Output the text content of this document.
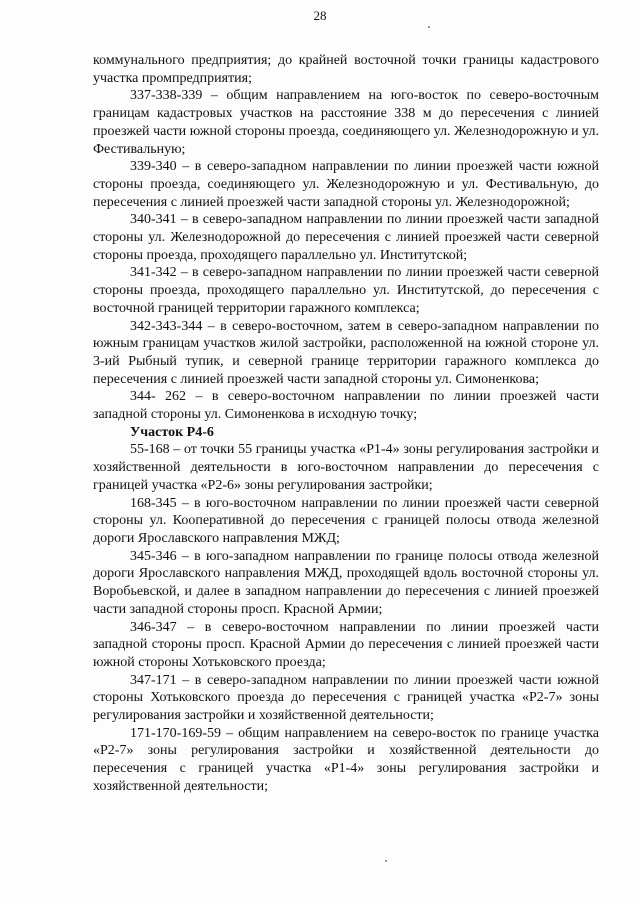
28

коммунального предприятия; до крайней восточной точки границы кадастрового участка промпредприятия;

337-338-339 – общим направлением на юго-восток по северо-восточным границам кадастровых участков на расстояние 338 м до пересечения с линией проезжей части южной стороны проезда, соединяющего ул. Железнодорожную и ул. Фестивальную;

339-340 – в северо-западном направлении по линии проезжей части южной стороны проезда, соединяющего ул. Железнодорожную и ул. Фестивальную, до пересечения с линией проезжей части западной стороны ул. Железнодорожной;

340-341 – в северо-западном направлении по линии проезжей части западной стороны ул. Железнодорожной до пересечения с линией проезжей части северной стороны проезда, проходящего параллельно ул. Институтской;

341-342 – в северо-западном направлении по линии проезжей части северной стороны проезда, проходящего параллельно ул. Институтской, до пересечения с восточной границей территории гаражного комплекса;

342-343-344 – в северо-восточном, затем в северо-западном направлении по южным границам участков жилой застройки, расположенной на южной стороне ул. 3-ий Рыбный тупик, и северной границе территории гаражного комплекса до пересечения с линией проезжей части западной стороны ул. Симоненкова;

344- 262 – в северо-восточном направлении по линии проезжей части западной стороны ул. Симоненкова в исходную точку;

Участок Р4-6

55-168 – от точки 55 границы участка «Р1-4» зоны регулирования застройки и хозяйственной деятельности в юго-восточном направлении до пересечения с границей участка «Р2-6» зоны регулирования застройки;

168-345 – в юго-восточном направлении по линии проезжей части северной стороны ул. Кооперативной до пересечения с границей полосы отвода железной дороги Ярославского направления МЖД;

345-346 – в юго-западном направлении по границе полосы отвода железной дороги Ярославского направления МЖД, проходящей вдоль восточной стороны ул. Воробьевской, и далее в западном направлении до пересечения с линией проезжей части западной стороны просп. Красной Армии;

346-347 – в северо-восточном направлении по линии проезжей части западной стороны просп. Красной Армии до пересечения с линией проезжей части южной стороны Хотьковского проезда;

347-171 – в северо-западном направлении по линии проезжей части южной стороны Хотьковского проезда до пересечения с границей участка «Р2-7» зоны регулирования застройки и хозяйственной деятельности;

171-170-169-59 – общим направлением на северо-восток по границе участка «Р2-7» зоны регулирования застройки и хозяйственной деятельности до пересечения с границей участка «Р1-4» зоны регулирования застройки и хозяйственной деятельности;
